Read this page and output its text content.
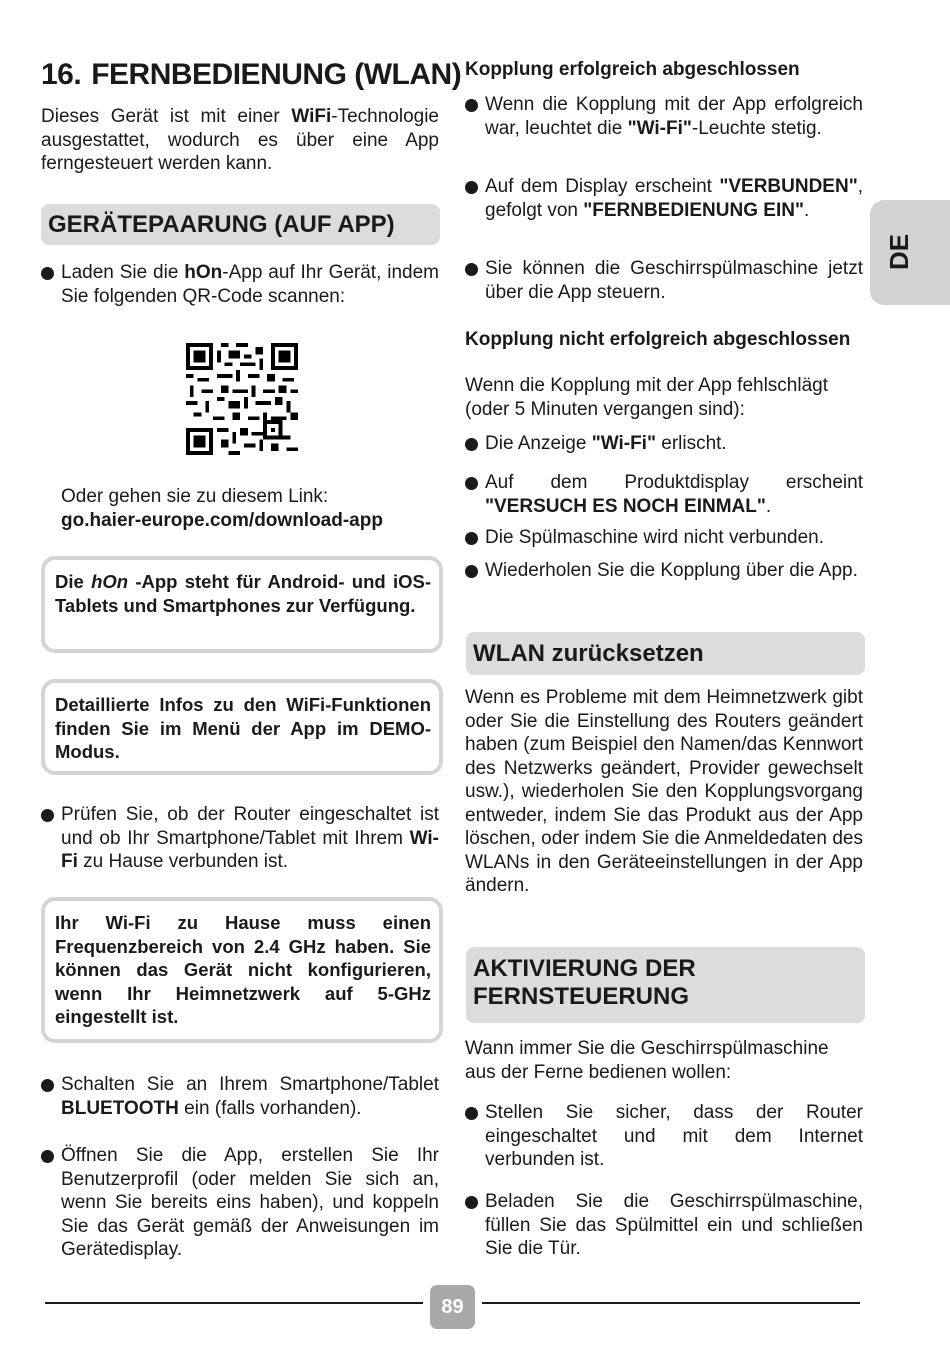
DE
16. FERNBEDIENUNG (WLAN)

Dieses Gerät ist mit einer WiFi-Technologie ausgestattet, wodurch es über eine App ferngesteuert werden kann.

GERÄTEPAARUNG (AUF APP)
Laden Sie die hOn-App auf Ihr Gerät, indem Sie folgenden QR-Code scannen:
Oder gehen sie zu diesem Link:
go.haier-europe.com/download-app
Die hOn -App steht für Android- und iOS-Tablets und Smartphones zur Verfügung.
Detaillierte Infos zu den WiFi-Funktionen finden Sie im Menü der App im DEMO-Modus.
Prüfen Sie, ob der Router eingeschaltet ist und ob Ihr Smartphone/Tablet mit Ihrem Wi-Fi zu Hause verbunden ist.
Ihr Wi-Fi zu Hause muss einen Frequenzbereich von 2.4 GHz haben. Sie können das Gerät nicht konfigurieren, wenn Ihr Heimnetzwerk auf 5-GHz eingestellt ist.
Schalten Sie an Ihrem Smartphone/Tablet BLUETOOTH ein (falls vorhanden).
Öffnen Sie die App, erstellen Sie Ihr Benutzerprofil (oder melden Sie sich an, wenn Sie bereits eins haben), und koppeln Sie das Gerät gemäß der Anweisungen im Gerätedisplay.
Kopplung erfolgreich abgeschlossen
Wenn die Kopplung mit der App erfolgreich war, leuchtet die "Wi-Fi"-Leuchte stetig.
Auf dem Display erscheint "VERBUNDEN", gefolgt von "FERNBEDIENUNG EIN".
Sie können die Geschirrspülmaschine jetzt über die App steuern.
Kopplung nicht erfolgreich abgeschlossen

Wenn die Kopplung mit der App fehlschlägt (oder 5 Minuten vergangen sind):

Die Anzeige "Wi-Fi" erlischt.
Auf dem Produktdisplay erscheint "VERSUCH ES NOCH EINMAL".
Die Spülmaschine wird nicht verbunden.
Wiederholen Sie die Kopplung über die App.
WLAN zurücksetzen

Wenn es Probleme mit dem Heimnetzwerk gibt oder Sie die Einstellung des Routers geändert haben (zum Beispiel den Namen/das Kennwort des Netzwerks geändert, Provider gewechselt usw.), wiederholen Sie den Kopplungsvorgang entweder, indem Sie das Produkt aus der App löschen, oder indem Sie die Anmeldedaten des WLANs in den Geräteeinstellungen in der App ändern.

AKTIVIERUNG DER
FERNSTEUERUNG

Wann immer Sie die Geschirrspülmaschine aus der Ferne bedienen wollen:

Stellen Sie sicher, dass der Router eingeschaltet und mit dem Internet verbunden ist.
Beladen Sie die Geschirrspülmaschine, füllen Sie das Spülmittel ein und schließen Sie die Tür.
89
